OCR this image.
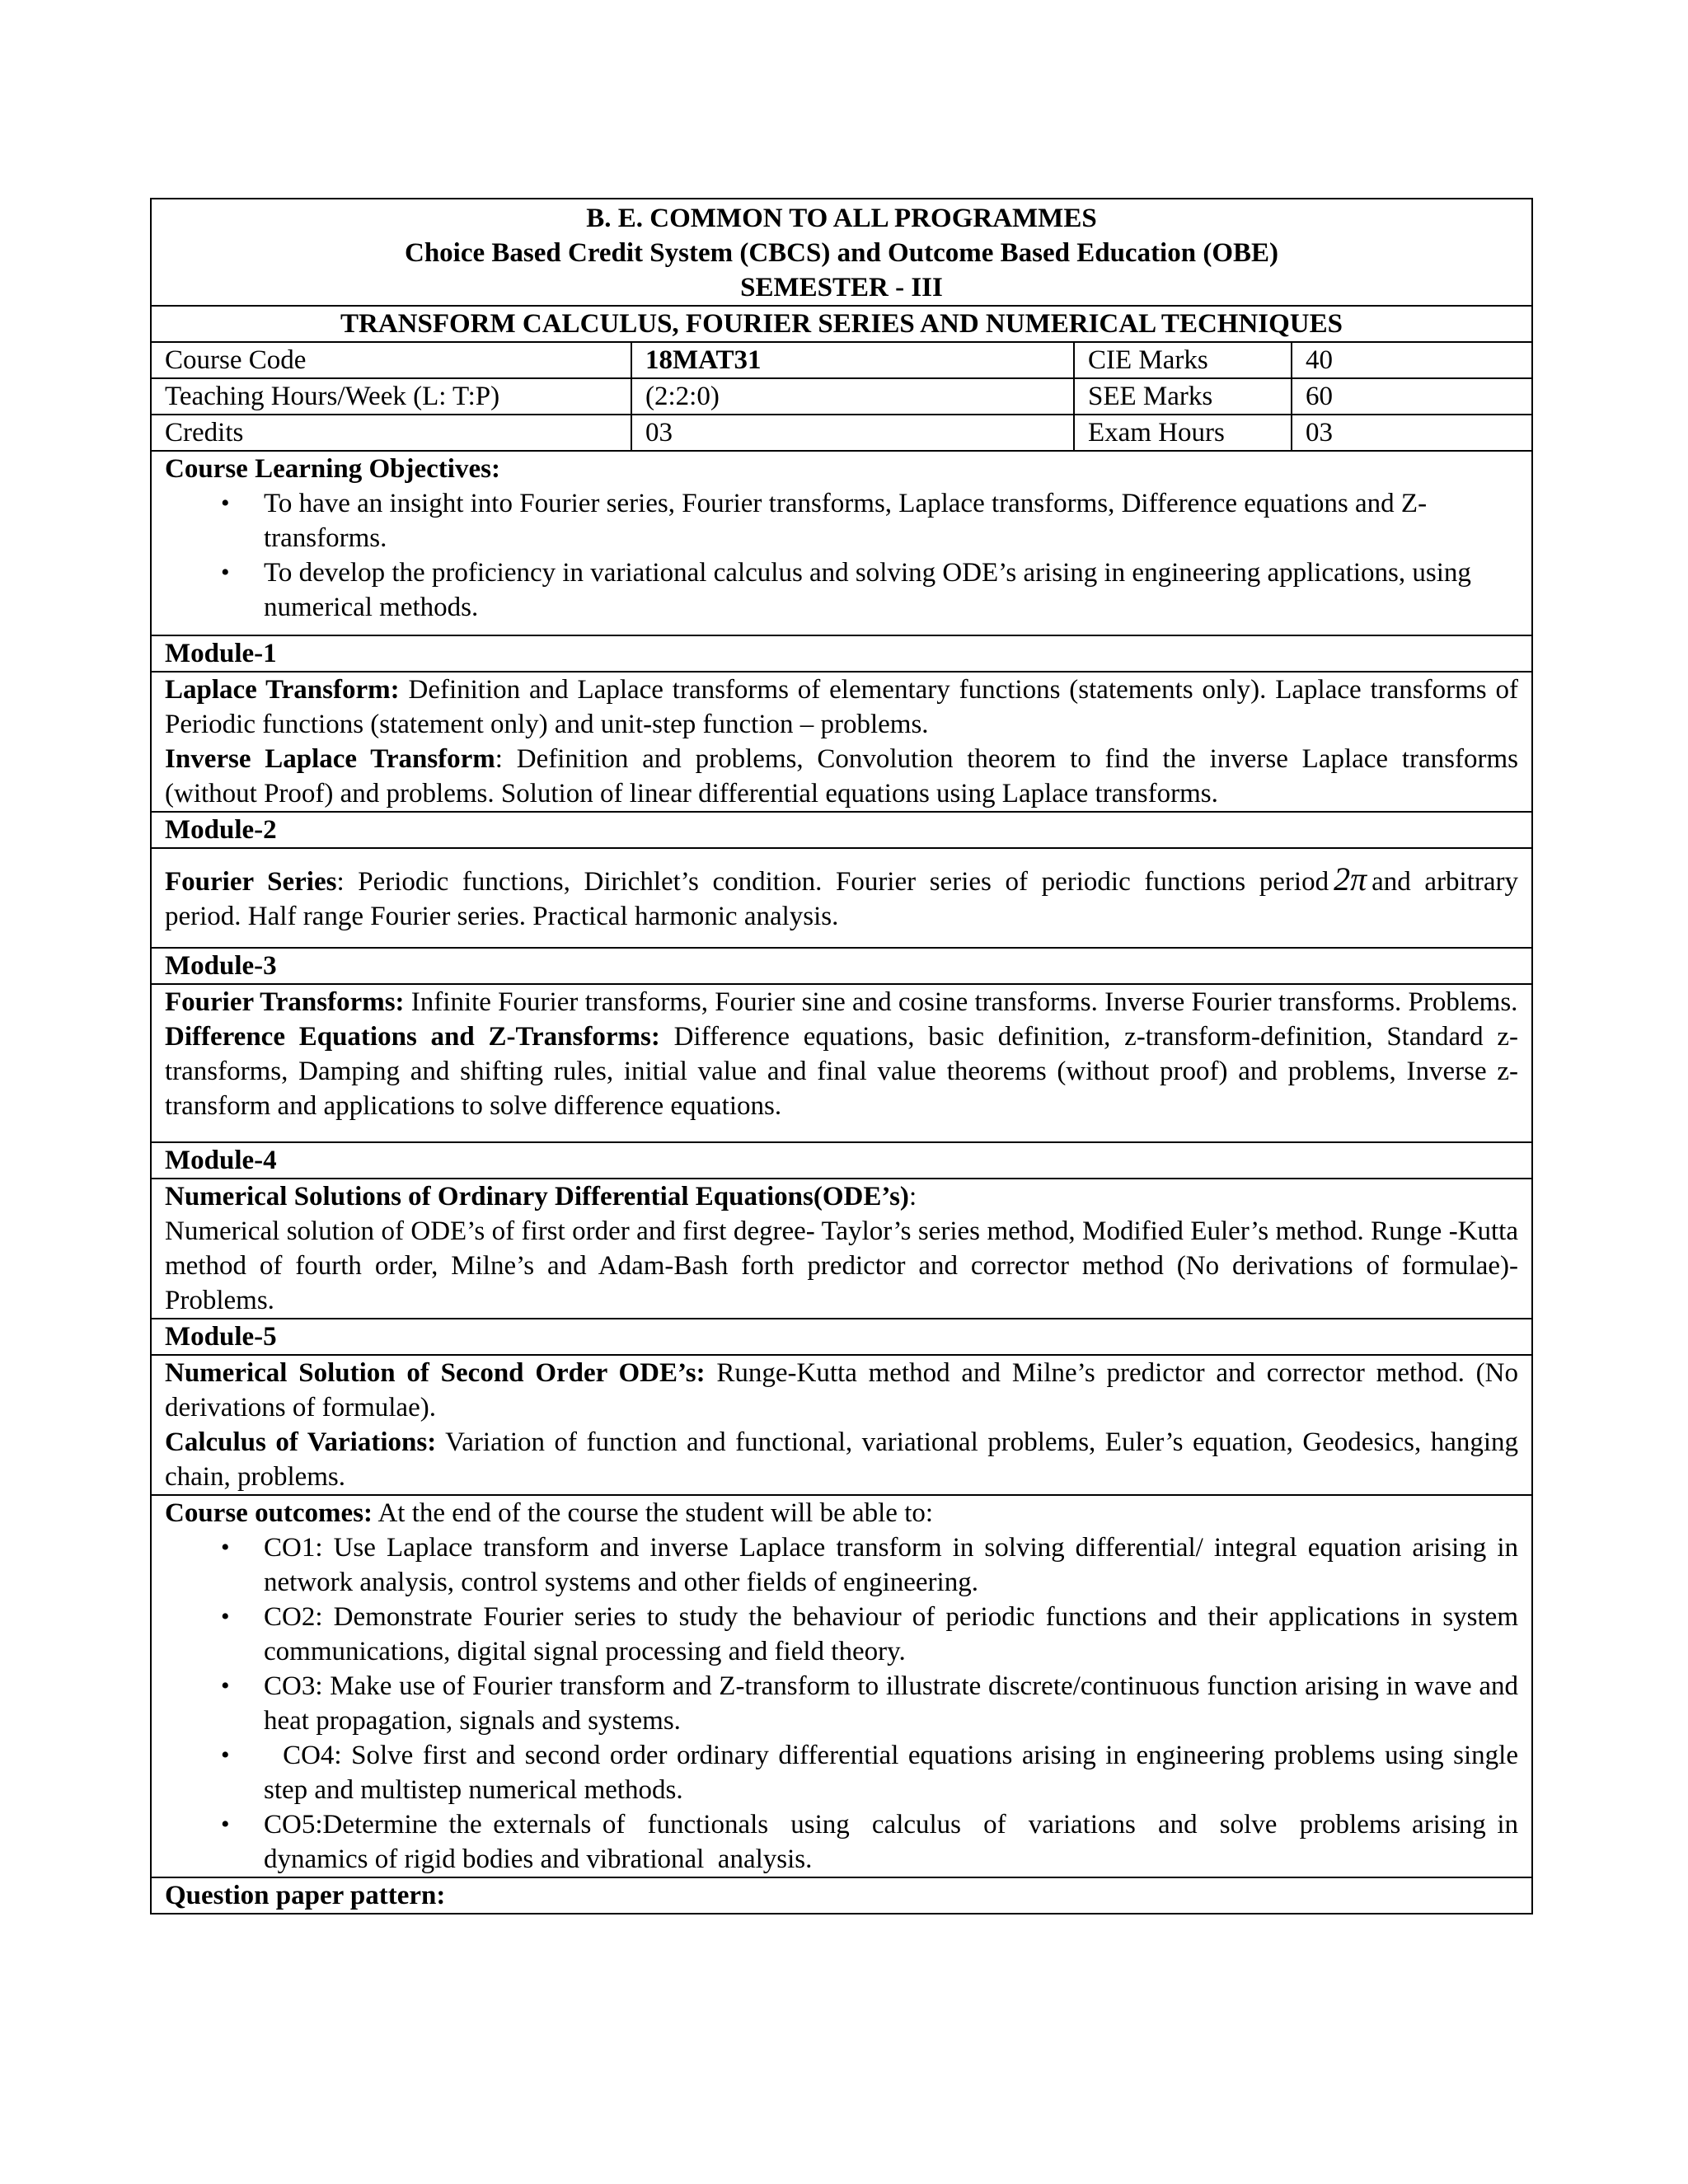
B. E. COMMON TO ALL PROGRAMMES
Choice Based Credit System (CBCS) and Outcome Based Education (OBE)
SEMESTER - III
TRANSFORM CALCULUS, FOURIER SERIES AND NUMERICAL TECHNIQUES
Course Code	18MAT31	CIE Marks	40
Teaching Hours/Week (L: T:P)	(2:2:0)	SEE Marks	60
Credits	03	Exam Hours	03
Course Learning Objectives:
• To have an insight into Fourier series, Fourier transforms, Laplace transforms, Difference equations and Z-transforms.
• To develop the proficiency in variational calculus and solving ODE’s arising in engineering applications, using numerical methods.
Module-1
Laplace Transform: Definition and Laplace transforms of elementary functions (statements only). Laplace transforms of Periodic functions (statement only) and unit-step function – problems.
Inverse Laplace Transform: Definition and problems, Convolution theorem to find the inverse Laplace transforms (without Proof) and problems. Solution of linear differential equations using Laplace transforms.
Module-2
Fourier Series: Periodic functions, Dirichlet’s condition. Fourier series of periodic functions period 2π and arbitrary period. Half range Fourier series. Practical harmonic analysis.
Module-3
Fourier Transforms: Infinite Fourier transforms, Fourier sine and cosine transforms. Inverse Fourier transforms. Problems.
Difference Equations and Z-Transforms: Difference equations, basic definition, z-transform-definition, Standard z-transforms, Damping and shifting rules, initial value and final value theorems (without proof) and problems, Inverse z-transform and applications to solve difference equations.
Module-4
Numerical Solutions of Ordinary Differential Equations(ODE’s):
Numerical solution of ODE’s of first order and first degree- Taylor’s series method, Modified Euler’s method. Runge -Kutta method of fourth order, Milne’s and Adam-Bash forth predictor and corrector method (No derivations of formulae)-Problems.
Module-5
Numerical Solution of Second Order ODE’s: Runge-Kutta method and Milne’s predictor and corrector method. (No derivations of formulae).
Calculus of Variations: Variation of function and functional, variational problems, Euler’s equation, Geodesics, hanging chain, problems.
Course outcomes: At the end of the course the student will be able to:
• CO1: Use Laplace transform and inverse Laplace transform in solving differential/ integral equation arising in network analysis, control systems and other fields of engineering.
• CO2: Demonstrate Fourier series to study the behaviour of periodic functions and their applications in system communications, digital signal processing and field theory.
• CO3: Make use of Fourier transform and Z-transform to illustrate discrete/continuous function arising in wave and heat propagation, signals and systems.
• CO4: Solve first and second order ordinary differential equations arising in engineering problems using single step and multistep numerical methods.
• CO5:Determine the externals of  functionals  using  calculus  of  variations  and  solve  problems arising in dynamics of rigid bodies and vibrational  analysis.
Question paper pattern:
